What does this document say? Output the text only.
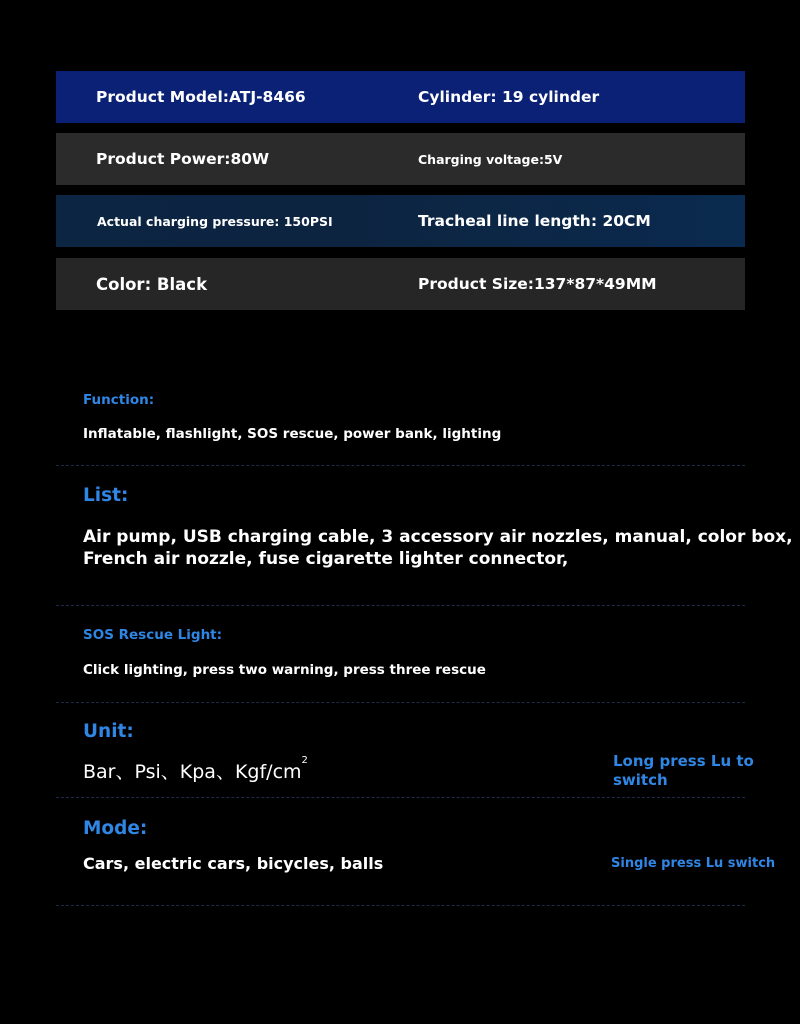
Product Model:ATJ-8466	Cylinder: 19 cylinder
Product Power:80W	Charging voltage:5V
Actual charging pressure: 150PSI	Tracheal line length: 20CM
Color: Black	Product Size:137*87*49MM
Function:
Inflatable, flashlight, SOS rescue, power bank, lighting
List:
Air pump, USB charging cable, 3 accessory air nozzles, manual, color box,
French air nozzle, fuse cigarette lighter connector,
SOS Rescue Light:
Click lighting, press two warning, press three rescue
Unit:
Bar、Psi、Kpa、Kgf/$cm^2$	Long press Lu to
switch
Mode:
Cars, electric cars, bicycles, balls	Single press Lu switch
